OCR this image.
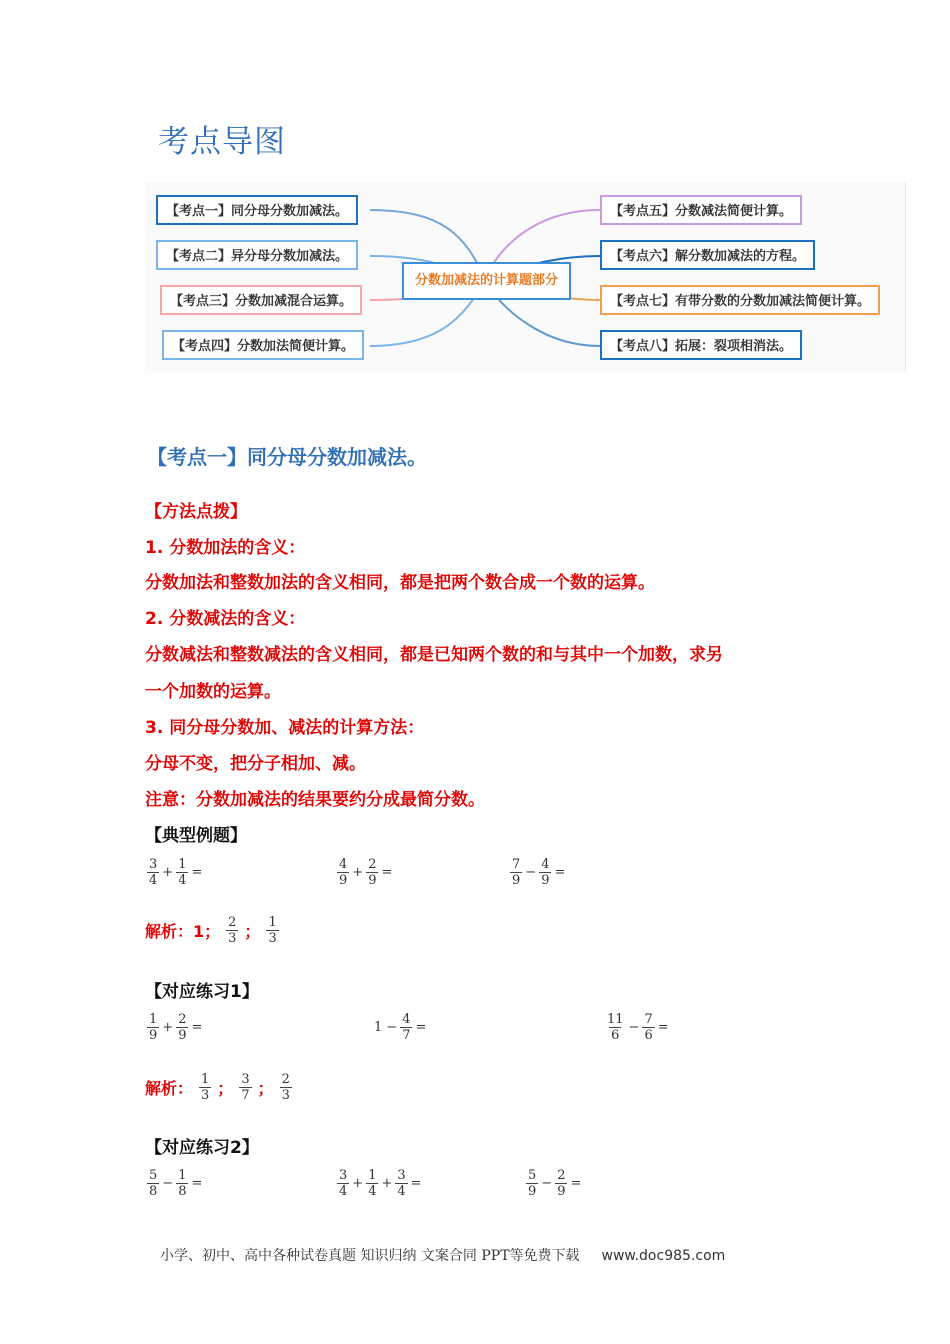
考点导图
【考点一】同分母分数加减法。
【考点二】异分母分数加减法。
【考点三】分数加减混合运算。
【考点四】分数加法简便计算。
分数加减法的计算题部分
【考点五】分数减法简便计算。
【考点六】解分数加减法的方程。
【考点七】有带分数的分数加减法简便计算。
【考点八】拓展：裂项相消法。
【考点一】同分母分数加减法。
【方法点拨】
1. 分数加法的含义：
分数加法和整数加法的含义相同，都是把两个数合成一个数的运算。
2. 分数减法的含义：
分数减法和整数减法的含义相同，都是已知两个数的和与其中一个加数，求另
一个加数的运算。
3. 同分母分数加、减法的计算方法：
分母不变，把分子相加、减。
注意：分数加减法的结果要约分成最简分数。
【典型例题】
$\frac{3}{4} + \frac{1}{4}$ =	$\frac{4}{9} + \frac{2}{9}$ =	$\frac{7}{9} - \frac{4}{9}$ =
解析：1； $\frac{2}{3}$ ； $\frac{1}{3}$
【对应练习1】
$\frac{1}{9} + \frac{2}{9}$ =	$1 - \frac{4}{7}$ =	$\frac{11}{6} - \frac{7}{6}$ =
解析： $\frac{1}{3}$ ； $\frac{3}{7}$ ； $\frac{2}{3}$
【对应练习2】
$\frac{5}{8} - \frac{1}{8}$ =	$\frac{3}{4} + \frac{1}{4} + \frac{3}{4}$ =	$\frac{5}{9} - \frac{2}{9}$ =
小学、初中、高中各种试卷真题 知识归纳 文案合同 PPT等免费下载 www.doc985.com
